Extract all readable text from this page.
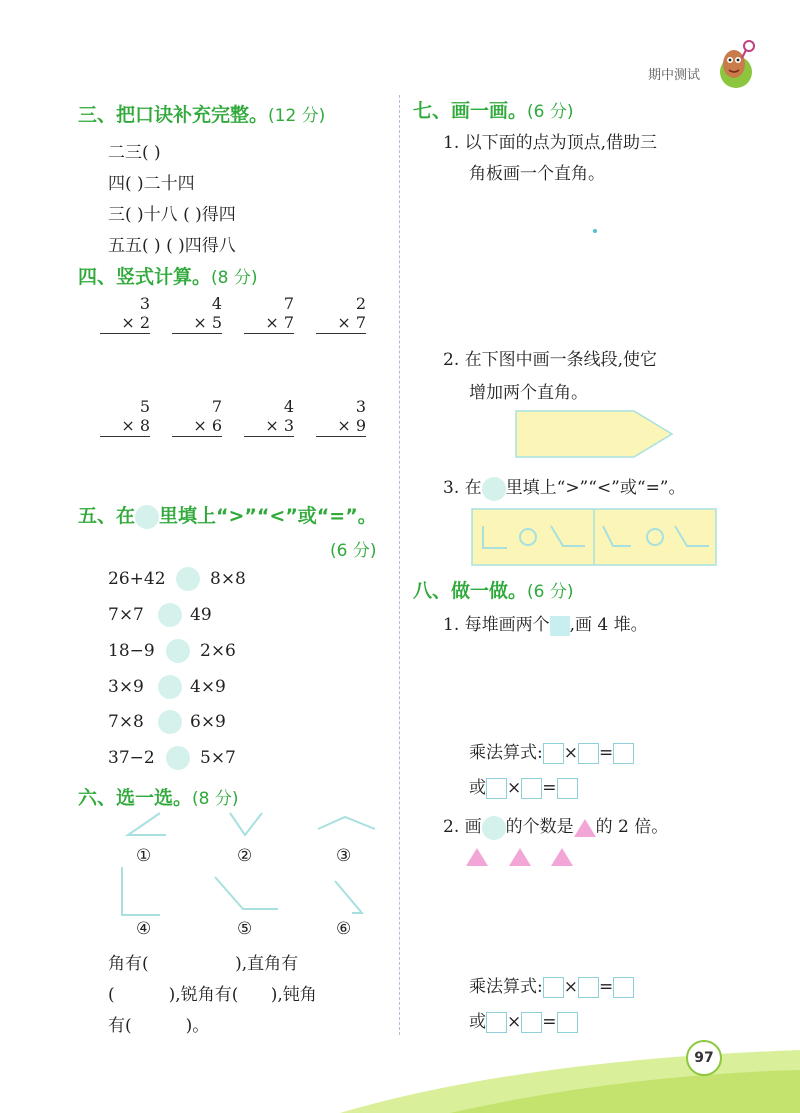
期中测试
三、把口诀补充完整。(12 分)
二三( )
四( )二十四
三( )十八 ( )得四
五五( ) ( )四得八
四、竖式计算。(8 分)
3
× 2
4
× 5
7
× 7
2
× 7
5
× 8
7
× 6
4
× 3
3
× 9
五、在 里填上“>”“<”或“=”。
(6 分)
26+42	8×8
7×7	49
18−9	2×6
3×9	4×9
7×8	6×9
37−2	5×7
六、选一选。(8 分)
①	②	③
④	⑤	⑥
角有(                ),直角有
(          ),锐角有(      ),钝角
有(          )。
七、画一画。(6 分)
1. 以下面的点为顶点,借助三
角板画一个直角。
2. 在下图中画一条线段,使它
增加两个直角。
3. 在 里填上“>”“<”或“=”。
八、做一做。(6 分)
1. 每堆画两个 ,画 4 堆。
乘法算式: × =
或 × =
2. 画 的个数是 的 2 倍。
乘法算式: × =
或 × =
97
